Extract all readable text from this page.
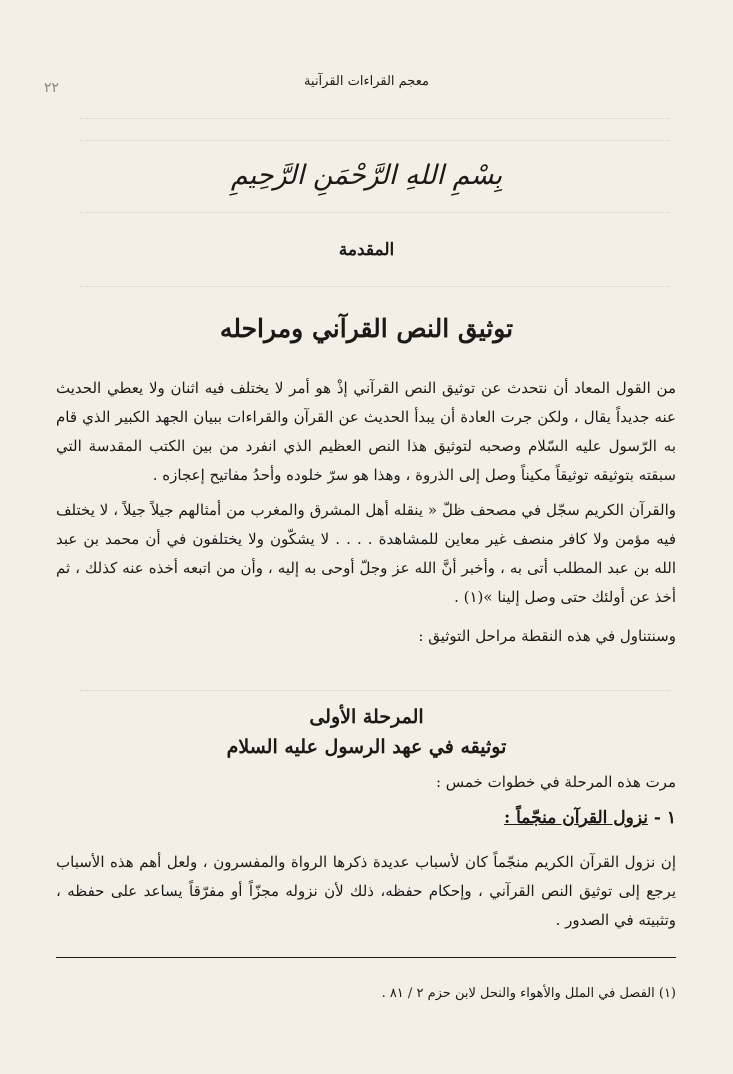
معجم القراءات القرآنية
٢٢
بِسْمِ اللهِ الرَّحْمَنِ الرَّحِيمِ
المقدمة
توثيق النص القرآني ومراحله

من القول المعاد أن نتحدث عن توثيق النص القرآني إذْ هو أمر لا يختلف فيه اثنان ولا يعطي الحديث عنه جديداً يقال ، ولكن جرت العادة أن يبدأ الحديث عن القرآن والقراءات ببيان الجهد الكبير الذي قام به الرّسول عليه السّلام وصحبه لتوثيق هذا النص العظيم الذي انفرد من بين الكتب المقدسة التي سبقته بتوثيقه توثيقاً مكيناً وصل إلى الذروة ، وهذا هو سرّ خلوده وأحدُ مفاتيح إعجازه .

والقرآن الكريم سجّل في مصحف ظلّ « ينقله أهل المشرق والمغرب من أمثالهم جيلاً جيلاً ، لا يختلف فيه مؤمن ولا كافر منصف غير معاين للمشاهدة . . . . لا يشكّون ولا يختلفون في أن محمد بن عبد الله بن عبد المطلب أتى به ، وأخبر أنَّ الله عز وجلّ أوحى به إليه ، وأن من اتبعه أخذه عنه كذلك ، ثم أخذ عن أولئك حتى وصل إلينا »(١) .

وسنتناول في هذه النقطة مراحل التوثيق :

المرحلة الأولى
توثيقه في عهد الرسول عليه السلام
مرت هذه المرحلة في خطوات خمس :
١ - نزول القرآن منجّماً :
إن نزول القرآن الكريم منجّماً كان لأسباب عديدة ذكرها الرواة والمفسرون ، ولعل أهم هذه الأسباب يرجع إلى توثيق النص القرآني ، وإحكام حفظه، ذلك لأن نزوله مجزّاً أو مفرّقاً يساعد على حفظه ، وتثبيته في الصدور .
(١) الفصل في الملل والأهواء والنحل لابن حزم ٢ / ٨١ .
